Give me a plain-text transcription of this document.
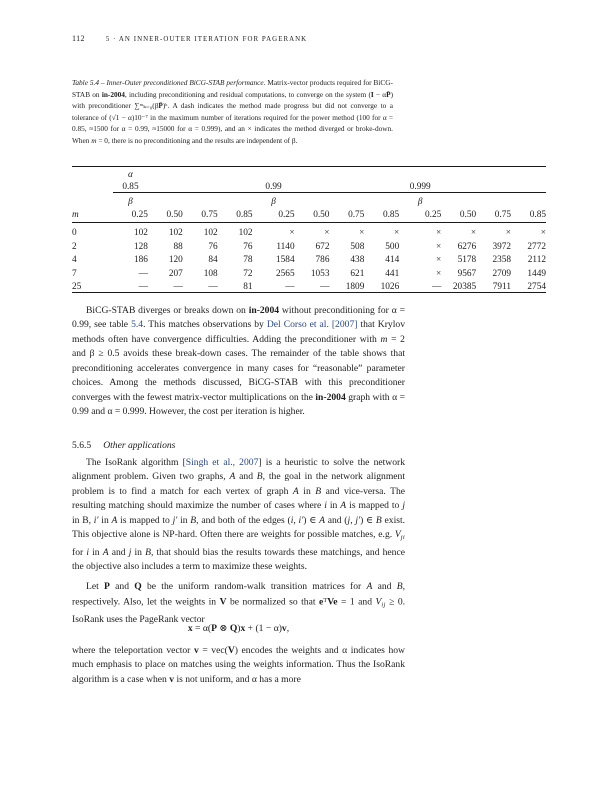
112	5 · AN INNER-OUTER ITERATION FOR PAGERANK
Table 5.4 – Inner-Outer preconditioned BiCG-STAB performance. Matrix-vector products required for BiCG-STAB on in-2004, including preconditioning and residual computations, to converge on the system (I − αP̄) with preconditioner ∑ᵐₖ₌₀(βP̄)ᵏ. A dash indicates the method made progress but did not converge to a tolerance of (√1 − α)10⁻⁷ in the maximum number of iterations required for the power method (100 for α = 0.85, ≈1500 for α = 0.99, ≈15000 for α = 0.999), and an × indicates the method diverged or broke-down. When m = 0, there is no preconditioning and the results are independent of β.
	α											
	0.85				0.99				0.999			
	β				β				β			
m	0.25	0.50	0.75	0.85	0.25	0.50	0.75	0.85	0.25	0.50	0.75	0.85
0	102	102	102	102	×	×	×	×	×	×	×	×
2	128	88	76	76	1140	672	508	500	×	6276	3972	2772
4	186	120	84	78	1584	786	438	414	×	5178	2358	2112
7	—	207	108	72	2565	1053	621	441	×	9567	2709	1449
25	—	—	—	81	—	—	1809	1026	—	20385	7911	2754
BiCG-STAB diverges or breaks down on in-2004 without preconditioning for α = 0.99, see table 5.4. This matches observations by Del Corso et al. [2007] that Krylov methods often have convergence difficulties. Adding the preconditioner with m = 2 and β ≥ 0.5 avoids these break-down cases. The remainder of the table shows that preconditioning accelerates convergence in many cases for “reasonable” parameter choices. Among the methods discussed, BiCG-STAB with this preconditioner converges with the fewest matrix-vector multiplications on the in-2004 graph with α = 0.99 and α = 0.999. However, the cost per iteration is higher.
5.6.5 Other applications
The IsoRank algorithm [Singh et al., 2007] is a heuristic to solve the network alignment problem. Given two graphs, A and B, the goal in the network alignment problem is to find a match for each vertex of graph A in B and vice-versa. The resulting matching should maximize the number of cases where i in A is mapped to j in B, i′ in A is mapped to j′ in B, and both of the edges (i, i′) ∈ A and (j, j′) ∈ B exist. This objective alone is NP-hard. Often there are weights for possible matches, e.g. Vji for i in A and j in B, that should bias the results towards these matchings, and hence the objective also includes a term to maximize these weights.
Let P and Q be the uniform random-walk transition matrices for A and B, respectively. Also, let the weights in V be normalized so that $e^TVe = 1$ and Vij ≥ 0. IsoRank uses the PageRank vector
x = α(P ⊗ Q)x + (1 − α)v,
where the teleportation vector v = vec(V) encodes the weights and α indicates how much emphasis to place on matches using the weights information. Thus the IsoRank algorithm is a case when v is not uniform, and α has a more
